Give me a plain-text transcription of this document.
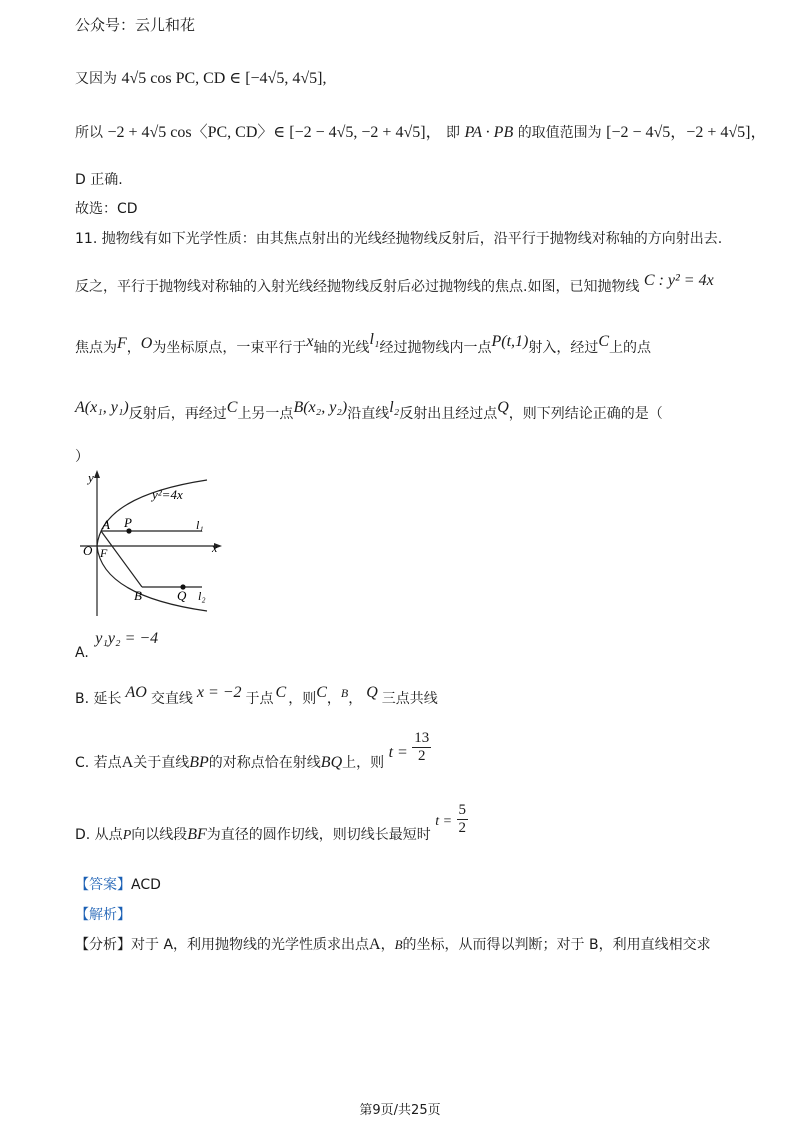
公众号：云儿和花
又因为 4√5 cos PC, CD ∈ [−4√5, 4√5],
所以 −2 + 4√5 cos〈PC, CD〉∈ [−2 − 4√5, −2 + 4√5]， 即 PA · PB 的取值范围为 [−2 − 4√5，−2 + 4√5]，
D 正确.
故选：CD
11. 抛物线有如下光学性质：由其焦点射出的光线经抛物线反射后，沿平行于抛物线对称轴的方向射出去.
反之，平行于抛物线对称轴的入射光线经抛物线反射后必过抛物线的焦点.如图，已知抛物线 C : y² = 4x
焦点为F，O为坐标原点，一束平行于x轴的光线l₁经过抛物线内一点P(t,1)射入，经过C上的点
A(x₁, y₁)反射后，再经过C上另一点B(x₂, y₂)沿直线l₂反射出且经过点Q，则下列结论正确的是（
）
y
y²=4x
A P	l₁
O F	x
B	Q l₂
A. y₁y₂ = −4
B. 延长 AO 交直线 x = −2 于点 C ，则C，B， Q 三点共线
C. 若点A关于直线BP的对称点恰在射线BQ上，则 $t = \frac{13}{2}$
D. 从点P向以线段BF为直径的圆作切线，则切线长最短时 $t = \frac{5}{2}$
【答案】ACD
【解析】
【分析】对于 A，利用抛物线的光学性质求出点A，B的坐标，从而得以判断；对于 B，利用直线相交求
第9页/共25页
